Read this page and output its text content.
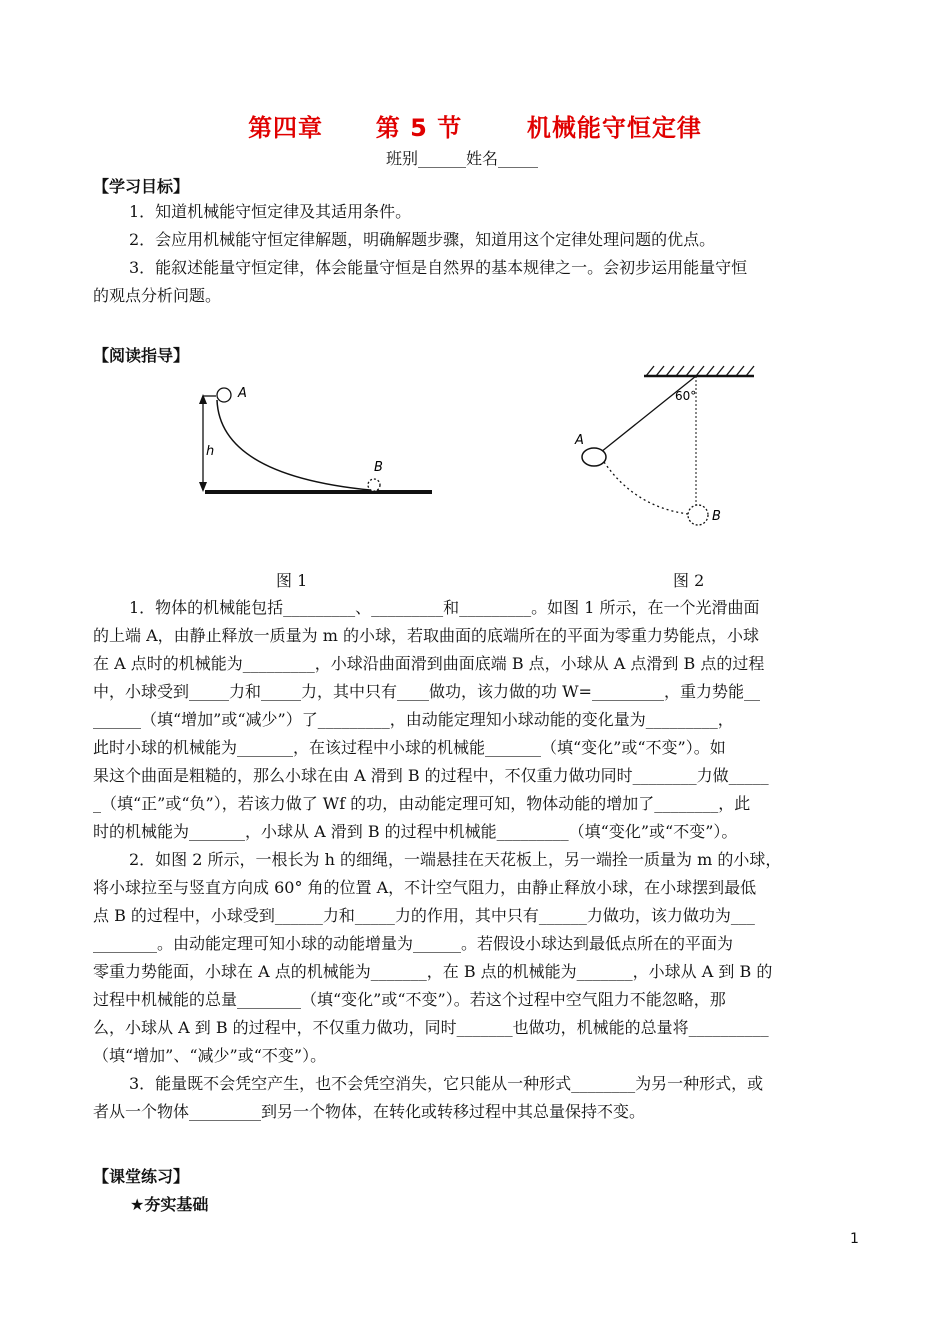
第四章 第 5 节	机械能守恒定律
班别______姓名_____
【学习目标】
1．知道机械能守恒定律及其适用条件。
2．会应用机械能守恒定律解题，明确解题步骤，知道用这个定律处理问题的优点。
3．能叙述能量守恒定律，体会能量守恒是自然界的基本规律之一。会初步运用能量守恒
的观点分析问题。
【阅读指导】
A
B
h
60°
A
B
图 1	图 2
1．物体的机械能包括_________、_________和_________。如图 1 所示，在一个光滑曲面
的上端 A，由静止释放一质量为 m 的小球，若取曲面的底端所在的平面为零重力势能点，小球
在 A 点时的机械能为_________，小球沿曲面滑到曲面底端 B 点，小球从 A 点滑到 B 点的过程
中，小球受到_____力和_____力，其中只有____做功，该力做的功 W=_________，重力势能__
______（填“增加”或“减少”）了_________，由动能定理知小球动能的变化量为_________，
此时小球的机械能为_______，在该过程中小球的机械能_______（填“变化”或“不变”）。如
果这个曲面是粗糙的，那么小球在由 A 滑到 B 的过程中，不仅重力做功同时________力做_____
_（填“正”或“负”），若该力做了 Wf 的功，由动能定理可知，物体动能的增加了________，此
时的机械能为_______，小球从 A 滑到 B 的过程中机械能_________（填“变化”或“不变”）。
2．如图 2 所示，一根长为 h 的细绳，一端悬挂在天花板上，另一端拴一质量为 m 的小球，
将小球拉至与竖直方向成 60° 角的位置 A，不计空气阻力，由静止释放小球，在小球摆到最低
点 B 的过程中，小球受到______力和_____力的作用，其中只有______力做功，该力做功为___
________。由动能定理可知小球的动能增量为______。若假设小球达到最低点所在的平面为
零重力势能面，小球在 A 点的机械能为_______，在 B 点的机械能为_______，小球从 A 到 B 的
过程中机械能的总量________（填“变化”或“不变”）。若这个过程中空气阻力不能忽略，那
么，小球从 A 到 B 的过程中，不仅重力做功，同时_______也做功，机械能的总量将__________
（填“增加”、“减少”或“不变”）。
3．能量既不会凭空产生，也不会凭空消失，它只能从一种形式________为另一种形式，或
者从一个物体_________到另一个物体，在转化或转移过程中其总量保持不变。
【课堂练习】
★夯实基础
1
